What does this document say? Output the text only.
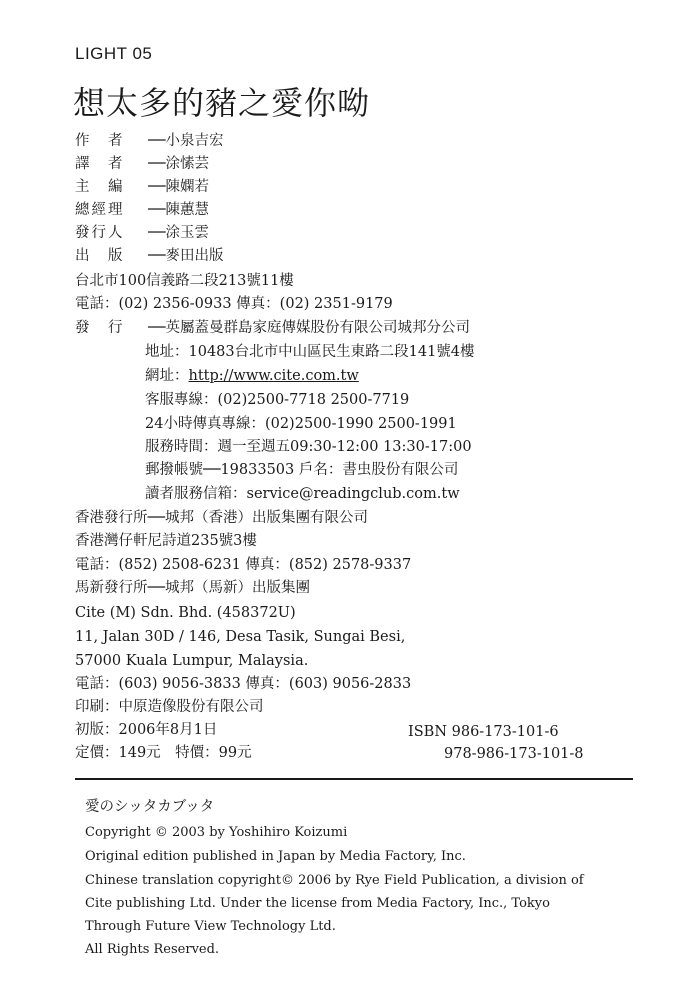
LIGHT 05
想太多的豬之愛你呦
作　者 ──小泉吉宏
譯　者 ──涂愫芸
主　編 ──陳嫻若
總經理 ──陳蕙慧
發行人 ──涂玉雲
出　版 ──麥田出版
台北市100信義路二段213號11樓
電話：(02) 2356-0933 傳真：(02) 2351-9179
發　行 ──英屬蓋曼群島家庭傳媒股份有限公司城邦分公司
地址：10483台北市中山區民生東路二段141號4樓
網址：http://www.cite.com.tw
客服專線：(02)2500-7718 2500-7719
24小時傳真專線：(02)2500-1990 2500-1991
服務時間：週一至週五09:30-12:00 13:30-17:00
郵撥帳號──19833503 戶名：書虫股份有限公司
讀者服務信箱：service@readingclub.com.tw
香港發行所──城邦（香港）出版集團有限公司
香港灣仔軒尼詩道235號3樓
電話：(852) 2508-6231 傳真：(852) 2578-9337
馬新發行所──城邦（馬新）出版集團
Cite (M) Sdn. Bhd. (458372U)
11, Jalan 30D / 146, Desa Tasik, Sungai Besi,
57000 Kuala Lumpur, Malaysia.
電話：(603) 9056-3833 傳真：(603) 9056-2833
印刷：中原造像股份有限公司
初版：2006年8月1日
定價：149元　特價：99元
ISBN 986-173-101-6
978-986-173-101-8
愛のシッタカブッタ
Copyright © 2003 by Yoshihiro Koizumi
Original edition published in Japan by Media Factory, Inc.
Chinese translation copyright© 2006 by Rye Field Publication, a division of
Cite publishing Ltd. Under the license from Media Factory, Inc., Tokyo
Through Future View Technology Ltd.
All Rights Reserved.
